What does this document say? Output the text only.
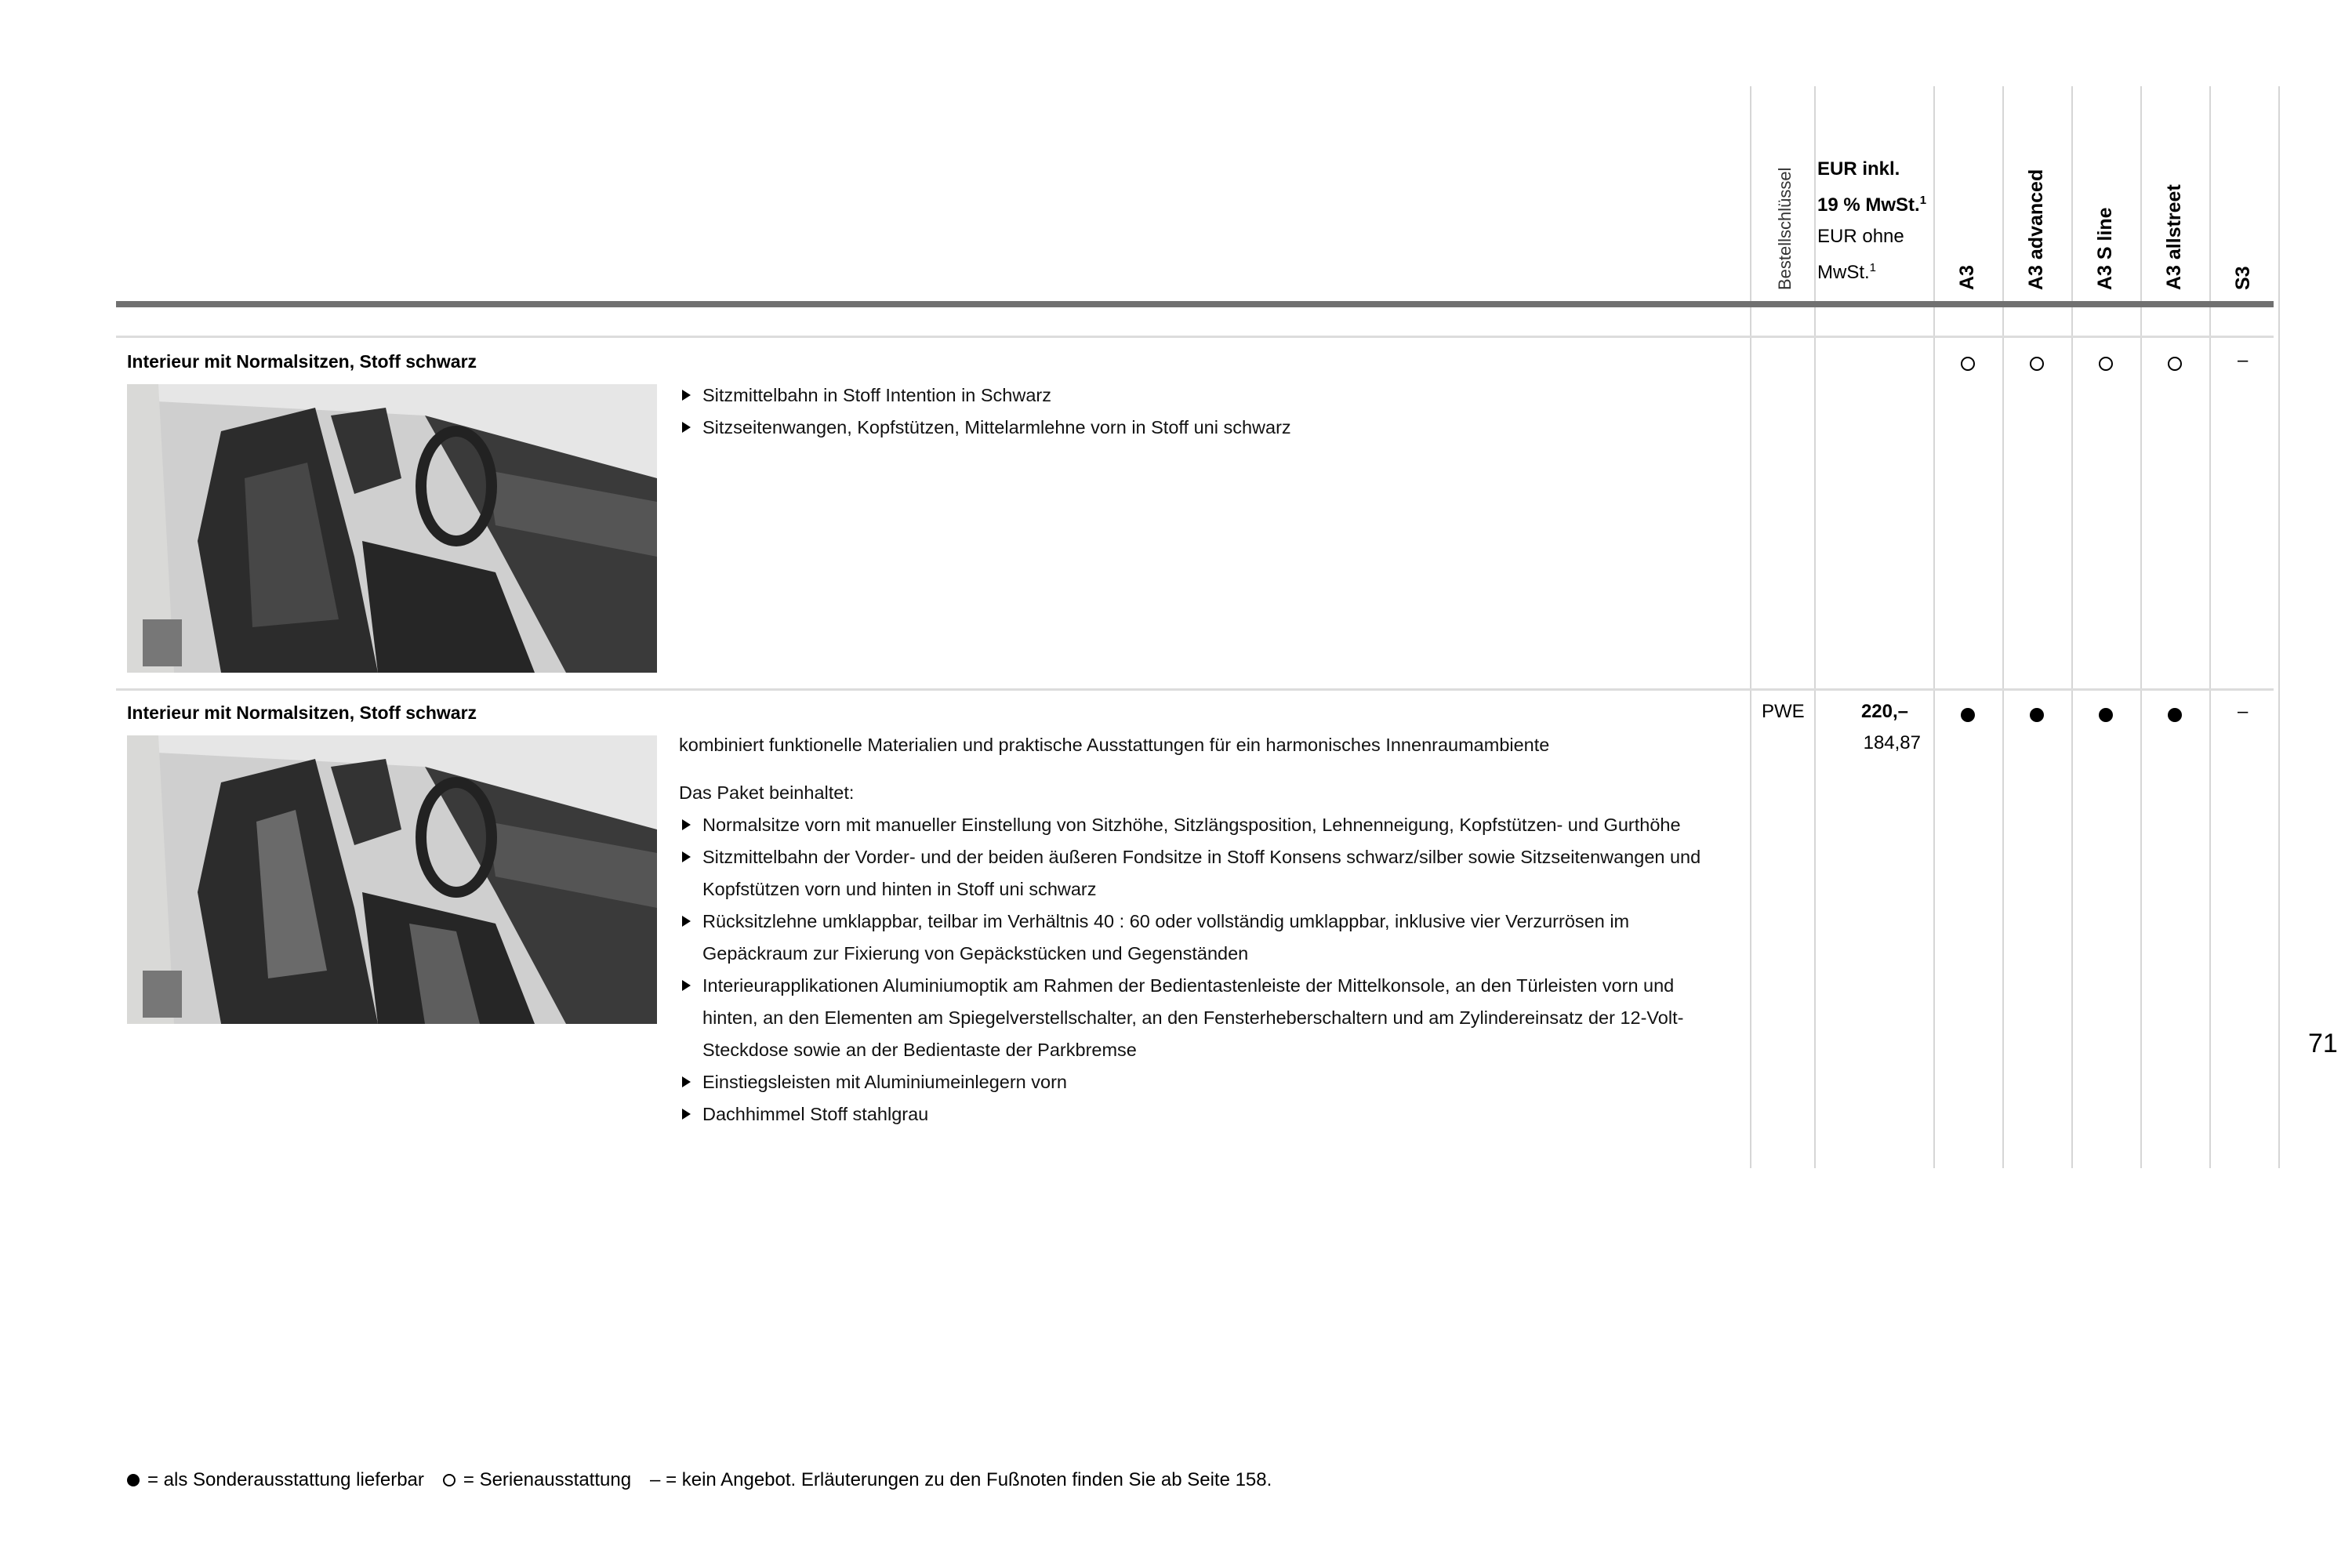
Bestellschlüssel EUR inkl.
19 % MwSt.$^1$
EUR ohne
MwSt.$^1$	A3 A3 advanced A3 S line A3 allstreet S3
Interieur mit Normalsitzen, Stoff schwarz

Sitzmittelbahn in Stoff Intention in Schwarz

Sitzseitenwangen, Kopfstützen, Mittelarmlehne vorn in Stoff uni schwarz

–
Interieur mit Normalsitzen, Stoff schwarz

kombiniert funktionelle Materialien und praktische Ausstattungen für ein harmonisches Innenraumambiente

Das Paket beinhaltet:

Normalsitze vorn mit manueller Einstellung von Sitzhöhe, Sitzlängsposition, Lehnenneigung, Kopfstützen- und Gurthöhe

Sitzmittelbahn der Vorder- und der beiden äußeren Fondsitze in Stoff Konsens schwarz/silber sowie Sitzseitenwangen und Kopfstützen vorn und hinten in Stoff uni schwarz

Rücksitzlehne umklappbar, teilbar im Verhältnis 40 : 60 oder vollständig umklappbar, inklusive vier Verzurrösen im Gepäckraum zur Fixierung von Gepäckstücken und Gegenständen

Interieurapplikationen Aluminiumoptik am Rahmen der Bedientastenleiste der Mittelkonsole, an den Türleisten vorn und hinten, an den Elementen am Spiegelverstellschalter, an den Fensterheberschaltern und am Zylindereinsatz der 12-Volt-Steckdose sowie an der Bedientaste der Parkbremse

Einstiegsleisten mit Aluminiumeinlegern vorn

Dachhimmel Stoff stahlgrau

PWE	220,–
184,87
–
71
= als Sonderausstattung lieferbar = Serienausstattung – = kein Angebot. Erläuterungen zu den Fußnoten finden Sie ab Seite 158.
